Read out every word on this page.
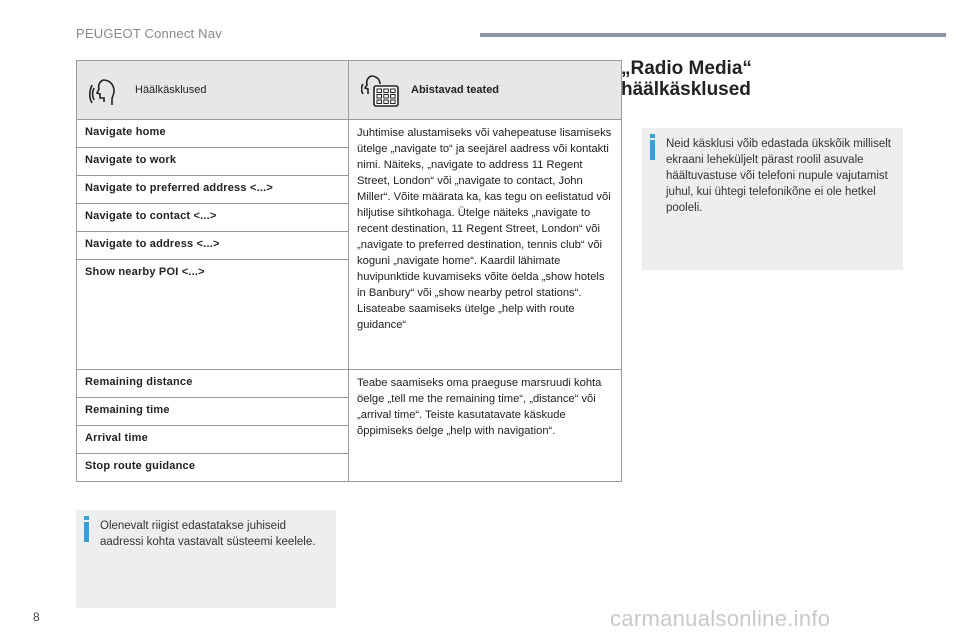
PEUGEOT Connect Nav
Häälkäsklused	Abistavad teated

Navigate home	Juhtimise alustamiseks või vahepeatuse lisamiseks ütelge „navigate to“ ja seejärel aadress või kontakti nimi. Näiteks, „navigate to address 11 Regent Street, London“ või „navigate to contact, John Miller“. Võite määrata ka, kas tegu on eelistatud või hiljutise sihtkohaga. Ütelge näiteks „navigate to recent destination, 11 Regent Street, London“ või „navigate to preferred destination, tennis club“ või koguni „navigate home“. Kaardil lähimate huvipunktide kuvamiseks võite öelda „show hotels in Banbury“ või „show nearby petrol stations“. Lisateabe saamiseks ütelge „help with route guidance“
Navigate to work	
Navigate to preferred address <...>	
Navigate to contact <...>	
Navigate to address <...>	
Show nearby POI <...>	
Remaining distance	Teabe saamiseks oma praeguse marsruudi kohta öelge „tell me the remaining time“, „distance“ või „arrival time“. Teiste kasutatavate käskude õppimiseks öelge „help with navigation“.
Remaining time	
Arrival time	
Stop route guidance	
Olenevalt riigist edastatakse juhiseid aadressi kohta vastavalt süsteemi keelele.
„Radio Media“
häälkäsklused
Neid käsklusi võib edastada ükskõik milliselt ekraani leheküljelt pärast roolil asuvale häältuvastuse või telefoni nupule vajutamist juhul, kui ühtegi telefonikõne ei ole hetkel pooleli.
8	carmanualsonline.info
